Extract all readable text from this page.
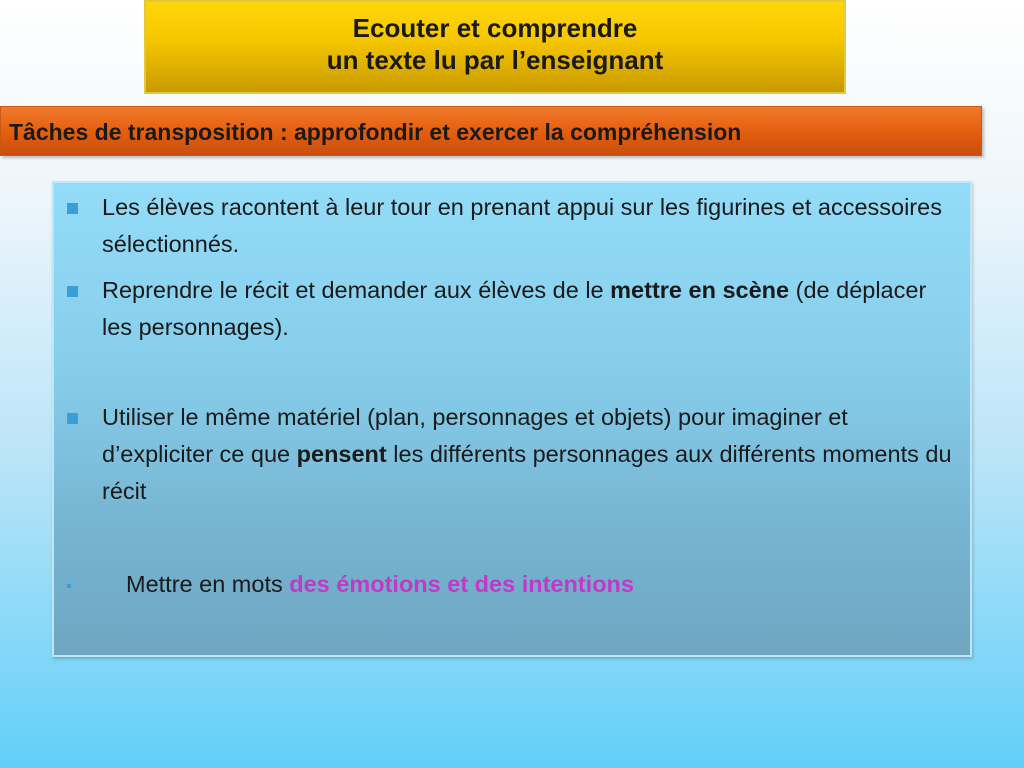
Ecouter et comprendre
un texte lu par l’enseignant
Tâches de transposition : approfondir et exercer la compréhension
Les élèves racontent à leur tour en prenant appui sur les figurines et accessoires sélectionnés.
Reprendre le récit et demander aux élèves de le mettre en scène (de déplacer les personnages).
Utiliser le même matériel (plan, personnages et objets) pour imaginer et d’expliciter ce que pensent les différents personnages aux différents moments du récit
Mettre en mots des émotions et des intentions
